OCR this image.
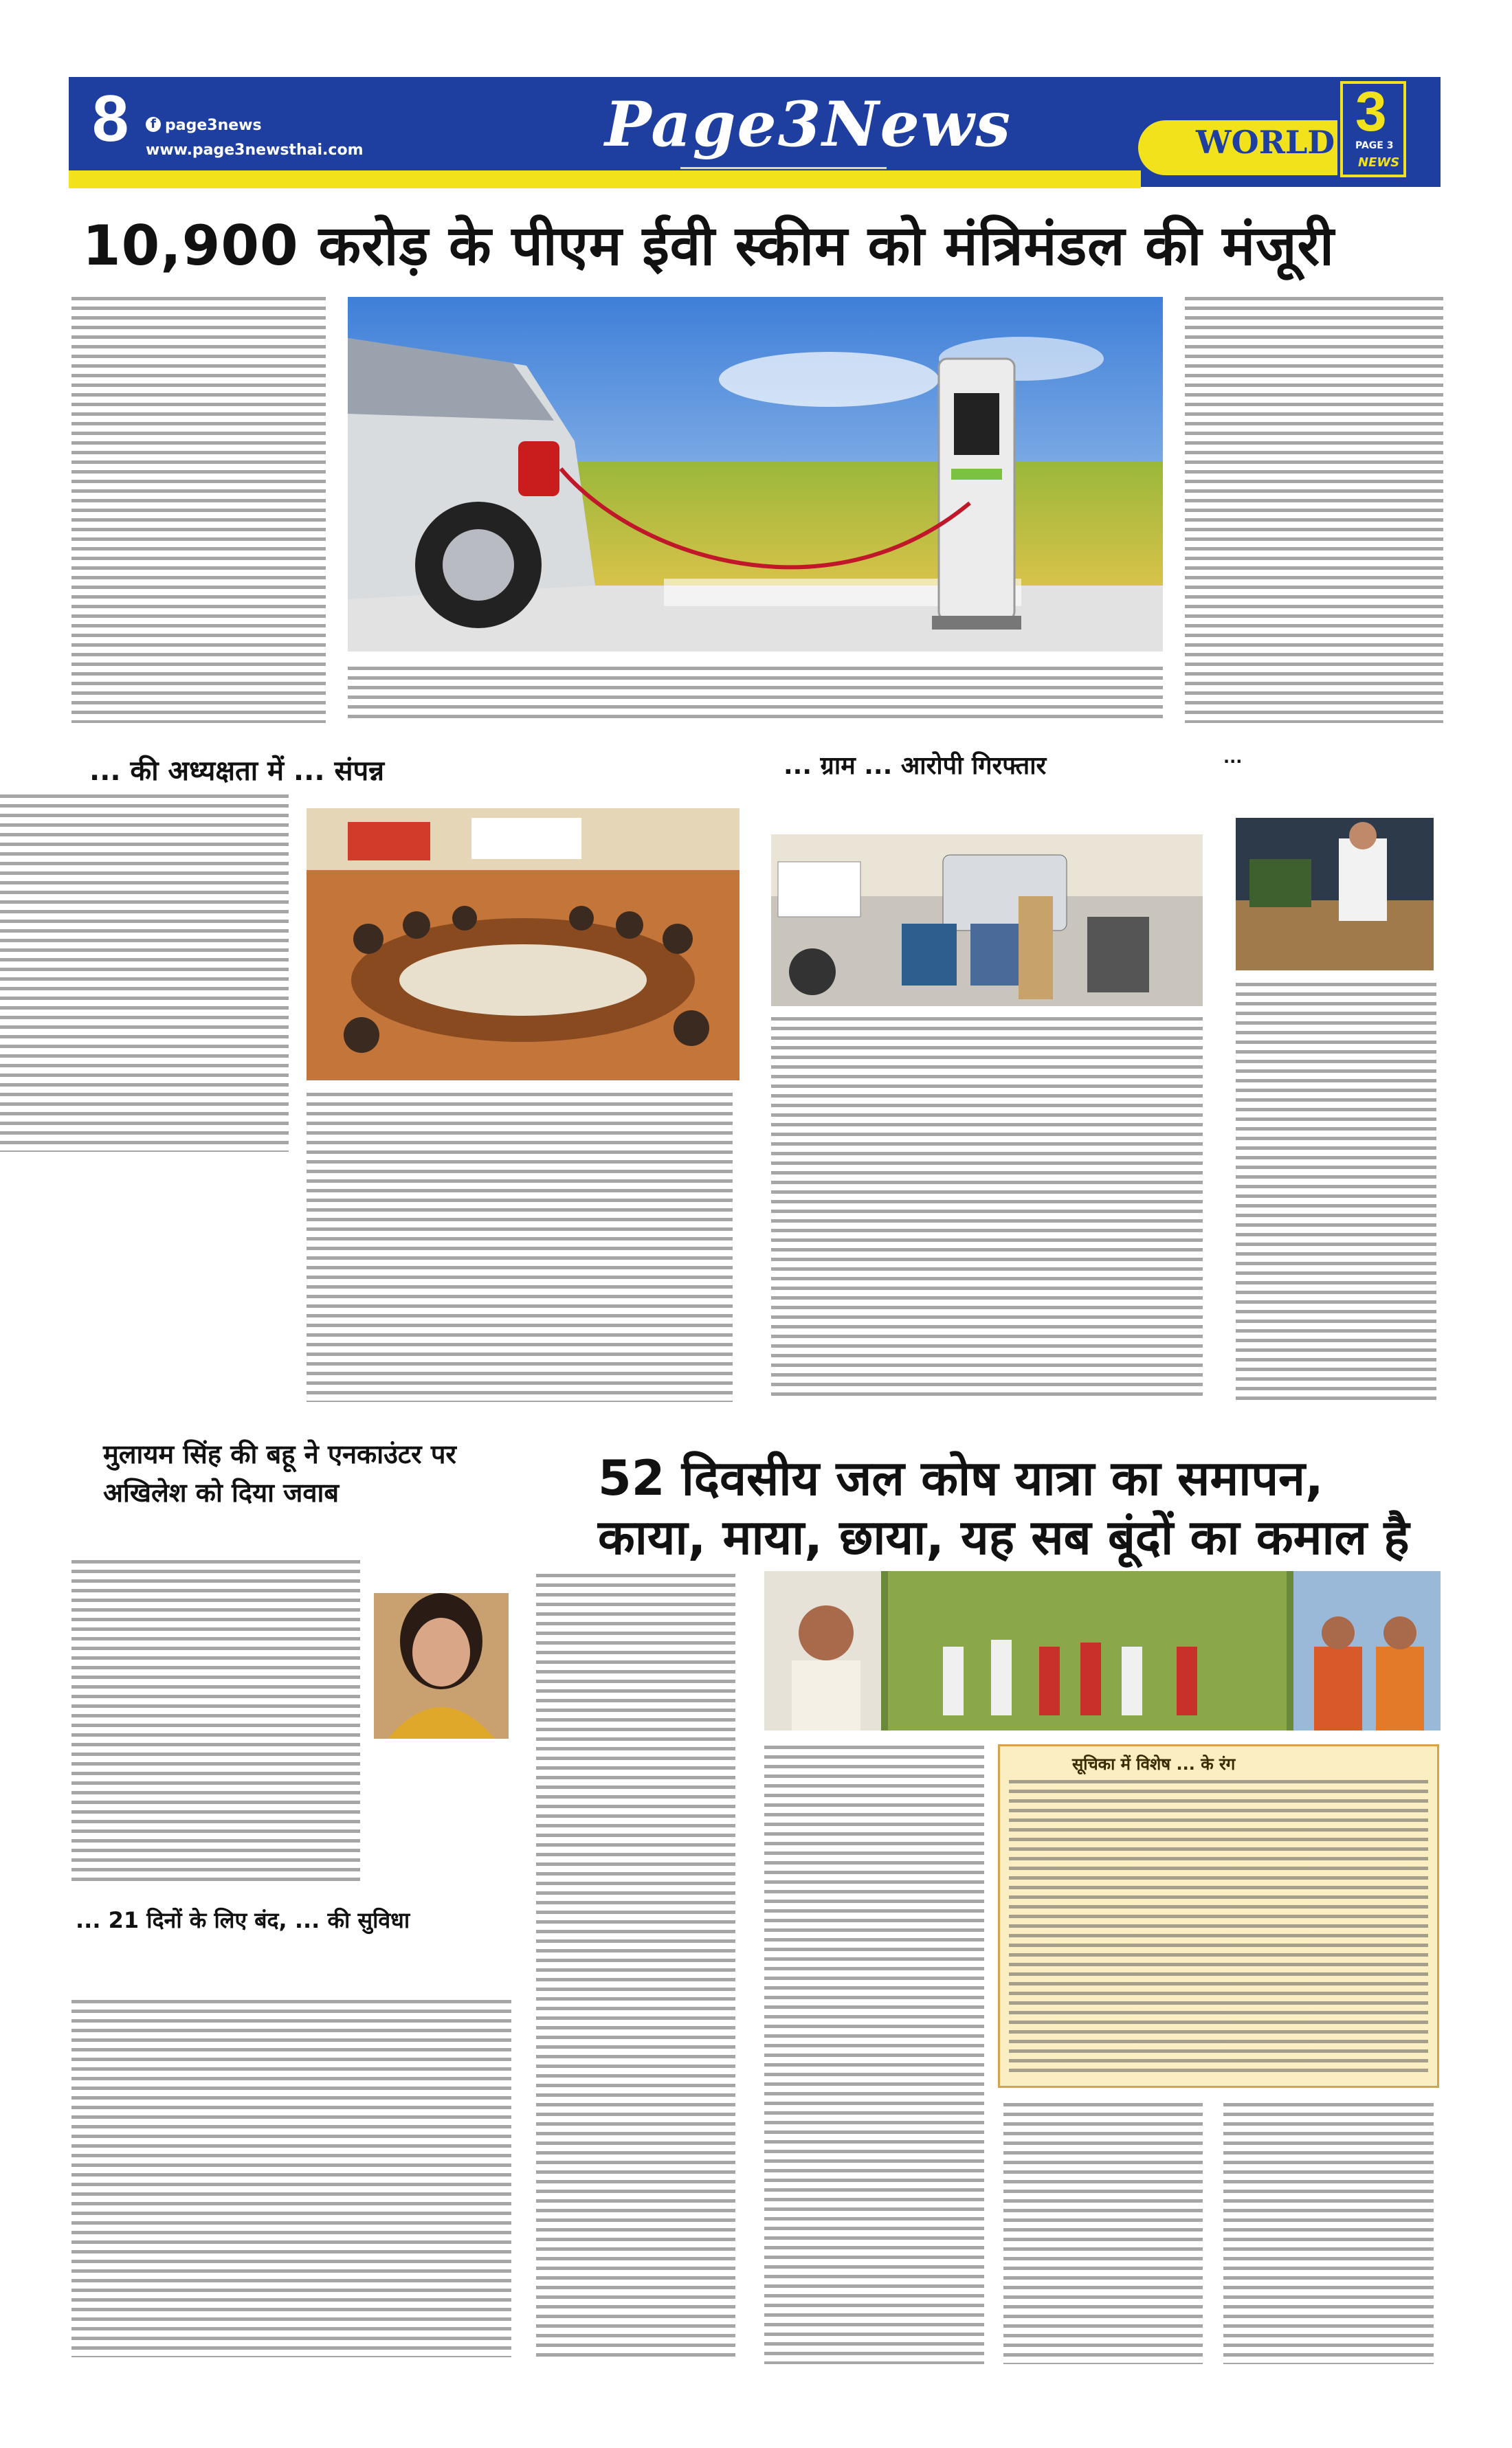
8	f page3news
www.page3newsthai.com	Page3News	WORLD 3
PAGE 3
NEWS
10,900 करोड़ के पीएम ईवी स्कीम को मंत्रिमंडल की मंजूरी
... की अध्यक्षता में ... संपन्न	... ग्राम ... आरोपी गिरफ्तार	...
मुलायम सिंह की बहू ने एनकाउंटर पर अखिलेश को दिया जवाब	52 दिवसीय जल कोष यात्रा का समापन, काया, माया, छाया, यह सब बूंदों का कमाल है
सूचिका में विशेष ... के रंग
... 21 दिनों के लिए बंद, ... की सुविधा
